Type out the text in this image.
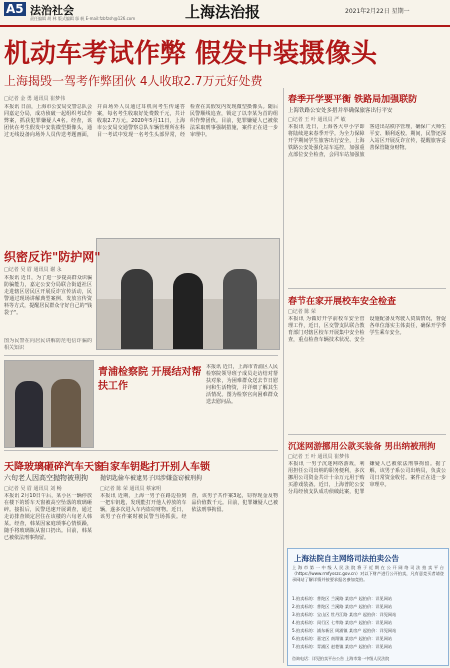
A5 法治社会
责任编辑 胡 林 版式编辑 邬 帆 E-mail:fzbfzsh@126.com	上海法治报	2021年2月22日 星期一
机动车考试作弊 假发中装摄像头
上海揭毁一驾考作弊团伙 4人收取2.7万元好处费
□记者 金 勇 通讯员 崔梦伟
本报讯 日前，上海市公安局交警总队会同嘉定分局，成功侦破一起组织考试作弊案，抓获犯罪嫌疑人4名。经查，该团伙在考生假发中安装微型摄像头，通过无线设备向场外人员传送考题画面，并由场外人员通过耳机向考生传递答案，每名考生收取好处费数千元，共计收取2.7万元。2020年5月11日，上海市公安局交通警察总队车辆管理所在科目一考试中发现一名考生头部异常，经检查在其假发内发现微型摄像头。随后民警顺线追查，锁定了以李某为首的组织作弊团伙。目前，犯罪嫌疑人已被依法采取刑事强制措施，案件正在进一步审理中。
织密反诈"防护网"
□记者 吴 眉 通讯员 谢 永
本报讯 近日，为了进一步提高群众识骗防骗能力，嘉定公安分局联合街道社区走进辖区居民区开展反诈宣传活动，民警通过现场讲解典型案例、发放宣传资料等方式，提醒居民群众守好自己的"钱袋子"。
图为民警在向居民讲解防范电信诈骗的相关知识
青浦检察院 开展结对帮扶工作
本报讯 近日，上海市青浦区人民检察院领导班子成员走访结对帮扶对象，为困难群众送去节日慰问和生活物资，并详细了解其生活情况。图为检察官向困难群众送去慰问品。
天降玻璃砸碎汽车天窗
六旬老人因高空抛物被刑拘
□记者 吴 眉 通讯员 刘 畅
本报讯 2月10日午后，某小区一辆停放在楼下的轿车天窗被高空坠落的玻璃砸碎。接报后，民警迅速开展调查，通过走访排查锁定居住在该楼的六旬老人韩某。经查，韩某因家庭琐事心情烦躁，随手将玻璃瓶从窗口扔出。目前，韩某已被依法刑事拘留。
自家车钥匙打开别人车锁
抛钥匙偷车被逮男子因涉嫌盗窃被刑拘
□记者 陈 荣 通讯员 蔡家明
本报讯 近期，上海一男子在路边捡到一把车钥匙，发现能打开他人停放的车辆，遂多次进入车内盗窃财物。近日，该男子在作案时被民警当场抓获。经查，该男子共作案3起，窃得现金及物品价值数千元。目前，犯罪嫌疑人已被依法刑事拘留。
春季开学要平衡 铁路局加强联防
上海铁路公安处多措并举确保旅客出行平安
□记者 王 叶 通讯员 严 敏
本报讯 近日，上海各大中小学即将陆续迎来春季开学。为全力保障开学期间学生旅客出行安全，上海铁路公安处强化站车巡控，加强重点部位安全检查，会同车站加强旅客进出站秩序管理，确保广大师生平安、顺利返校。期间，民警还深入站区开展反诈宣传，提醒旅客妥善保管随身财物。
春节在家开展校车安全检查
□记者 陈 荣
本报讯 为做好开学前校车安全管理工作，近日，区交警支队联合教育部门对辖区校车开展集中安全检查，重点检查车辆技术状况、安全设施配备及驾驶人资质情况，督促各单位落实主体责任，确保开学季学生乘车安全。
沉迷网游挪用公款买装备 男出纳被刑拘
□记者 王 叶 通讯员 崔梦伟
本报讯 一男子沉迷网络游戏，利用担任公司出纳的职务便利，多次挪用公司资金共计十余万元用于购买游戏装备。近日，上海普陀公安分局经侦支队成功侦破此案，犯罪嫌疑人已被依法刑事拘留。据了解，该男子系公司出纳员，负责公司日常资金收付。案件正在进一步审理中。
上海法院自主网络司法拍卖公告
上海市第一中级人民法院将于近期在公开网络司法拍卖平台（https://www.rmfysszc.gov.cn）对以下财产进行公开拍卖，凡有意竞买者请登录网站了解详情并按要求报名参加竞拍。
1.拍卖标的：普陀区 兰溪路 某房产 起拍价：详见网站
2.拍卖标的：普陀区 兰溪路 某房产 起拍价：详见网站
3.拍卖标的：宝山区 牡丹江路 某房产 起拍价：详见网站
4.拍卖标的：闵行区 七莘路 某房产 起拍价：详见网站
5.拍卖标的：浦东新区 周浦镇 某房产 起拍价：详见网站
6.拍卖标的：嘉定区 南翔镇 某房产 起拍价：详见网站
7.拍卖标的：青浦区 赵巷镇 某房产 起拍价：详见网站
咨询电话：详见拍卖平台公告 上海市第一中级人民法院
